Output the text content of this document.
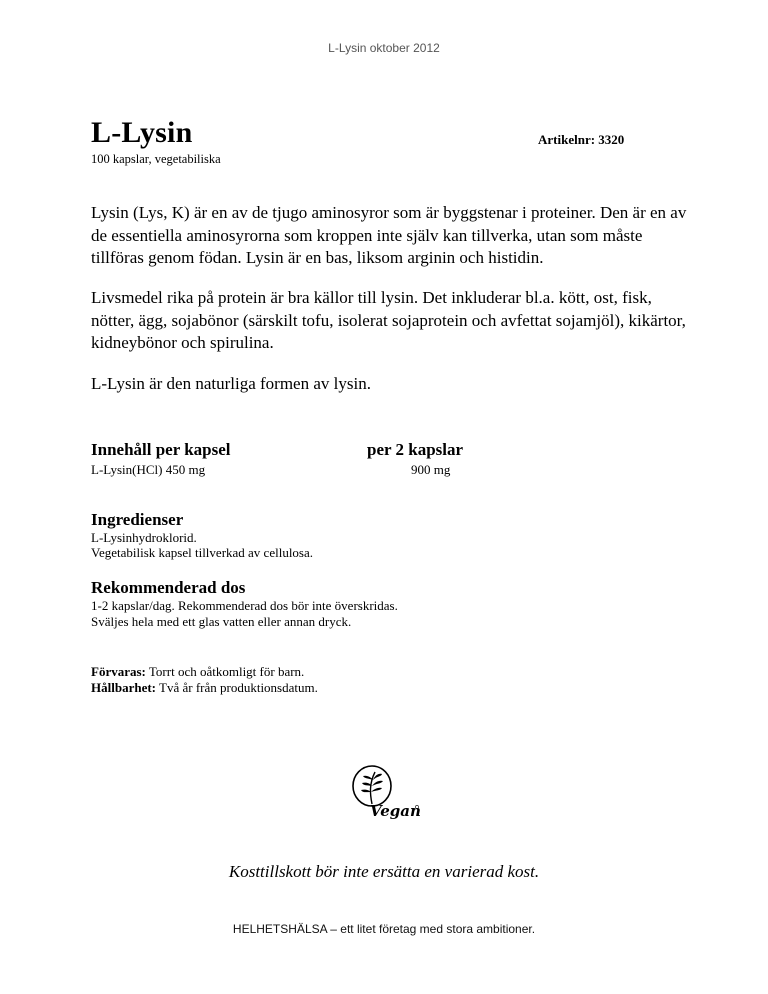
L-Lysin oktober 2012
L-Lysin	Artikelnr: 3320
100 kapslar, vegetabiliska
Lysin (Lys, K) är en av de tjugo aminosyror som är byggstenar i proteiner. Den är en av de essentiella aminosyrorna som kroppen inte själv kan tillverka, utan som måste tillföras genom födan. Lysin är en bas, liksom arginin och histidin.
Livsmedel rika på protein är bra källor till lysin. Det inkluderar bl.a. kött, ost, fisk, nötter, ägg, sojabönor (särskilt tofu, isolerat sojaprotein och avfettat sojamjöl), kikärtor, kidneybönor och spirulina.
L-Lysin är den naturliga formen av lysin.
Innehåll per kapsel	per 2 kapslar
L-Lysin(HCl) 450 mg	900 mg
Ingredienser
L-Lysinhydroklorid.
Vegetabilisk kapsel tillverkad av cellulosa.
Rekommenderad dos
1-2 kapslar/dag. Rekommenderad dos bör inte överskridas.
Sväljes hela med ett glas vatten eller annan dryck.
Förvaras: Torrt och oåtkomligt för barn.
Hållbarhet: Två år från produktionsdatum.
Vegan
Kosttillskott bör inte ersätta en varierad kost.
HELHETSHÄLSA – ett litet företag med stora ambitioner.
